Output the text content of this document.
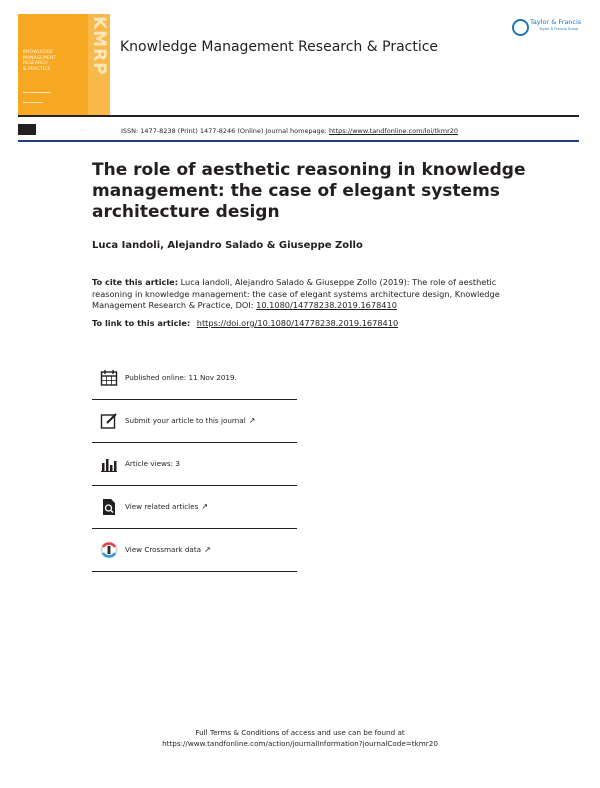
KMRP
KNOWLEDGE
MANAGEMENT
RESEARCH
& PRACTICE
Knowledge Management Research & Practice
Taylor & Francis
Taylor & Francis Group
◦◦◦	ISSN: 1477-8238 (Print) 1477-8246 (Online) Journal homepage: https://www.tandfonline.com/loi/tkmr20
The role of aesthetic reasoning in knowledge management: the case of elegant systems architecture design
Luca Iandoli, Alejandro Salado & Giuseppe Zollo
To cite this article: Luca Iandoli, Alejandro Salado & Giuseppe Zollo (2019): The role of aesthetic reasoning in knowledge management: the case of elegant systems architecture design, Knowledge Management Research & Practice, DOI: 10.1080/14778238.2019.1678410
To link to this article: https://doi.org/10.1080/14778238.2019.1678410
Published online: 11 Nov 2019.
Submit your article to this journal ↗
Article views: 3
View related articles ↗
View Crossmark data ↗
Full Terms & Conditions of access and use can be found at
https://www.tandfonline.com/action/journalInformation?journalCode=tkmr20
